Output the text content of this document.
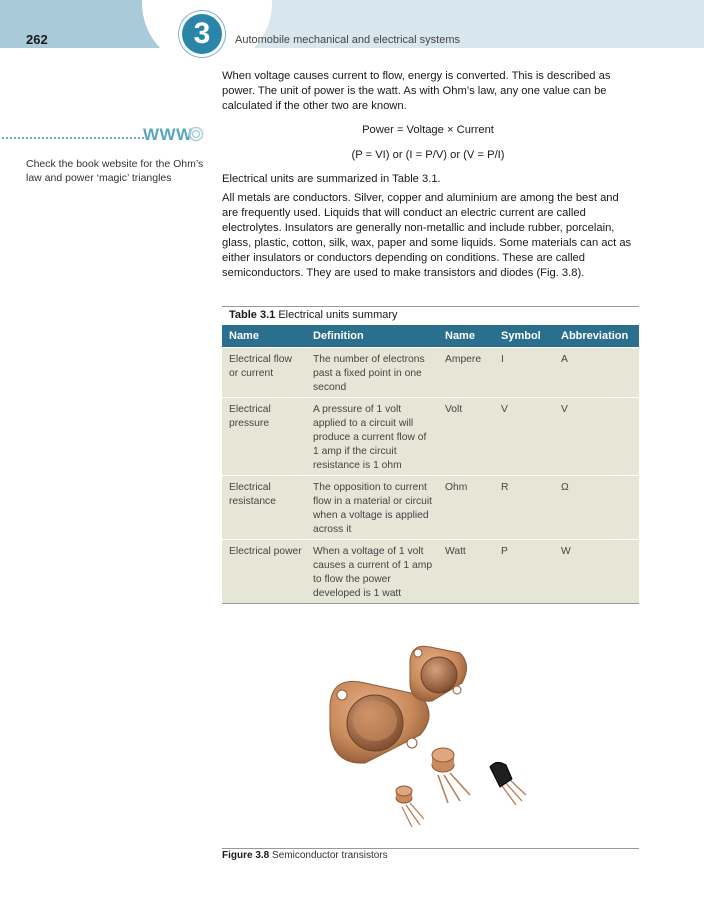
3
262	Automobile mechanical and electrical systems
WWW
Check the book website for the Ohm’s law and power ‘magic’ triangles

When voltage causes current to flow, energy is converted. This is described as power. The unit of power is the watt. As with Ohm’s law, any one value can be calculated if the other two are known.

Power = Voltage × Current
(P = VI) or (I = P/V) or (V = P/I)

Electrical units are summarized in Table 3.1.

All metals are conductors. Silver, copper and aluminium are among the best and are frequently used. Liquids that will conduct an electric current are called electrolytes. Insulators are generally non-metallic and include rubber, porcelain, glass, plastic, cotton, silk, wax, paper and some liquids. Some materials can act as either insulators or conductors depending on conditions. These are called semiconductors. They are used to make transistors and diodes (Fig. 3.8).

Table 3.1 Electrical units summary
Name	Definition	Name	Symbol	Abbreviation
Electrical flow or current	The number of electrons past a fixed point in one second	Ampere	I	A
Electrical pressure	A pressure of 1 volt applied to a circuit will produce a current flow of 1 amp if the circuit resistance is 1 ohm	Volt	V	V
Electrical resistance	The opposition to current flow in a material or circuit when a voltage is applied across it	Ohm	R	Ω
Electrical power	When a voltage of 1 volt causes a current of 1 amp to flow the power developed is 1 watt	Watt	P	W
Figure 3.8 Semiconductor transistors
